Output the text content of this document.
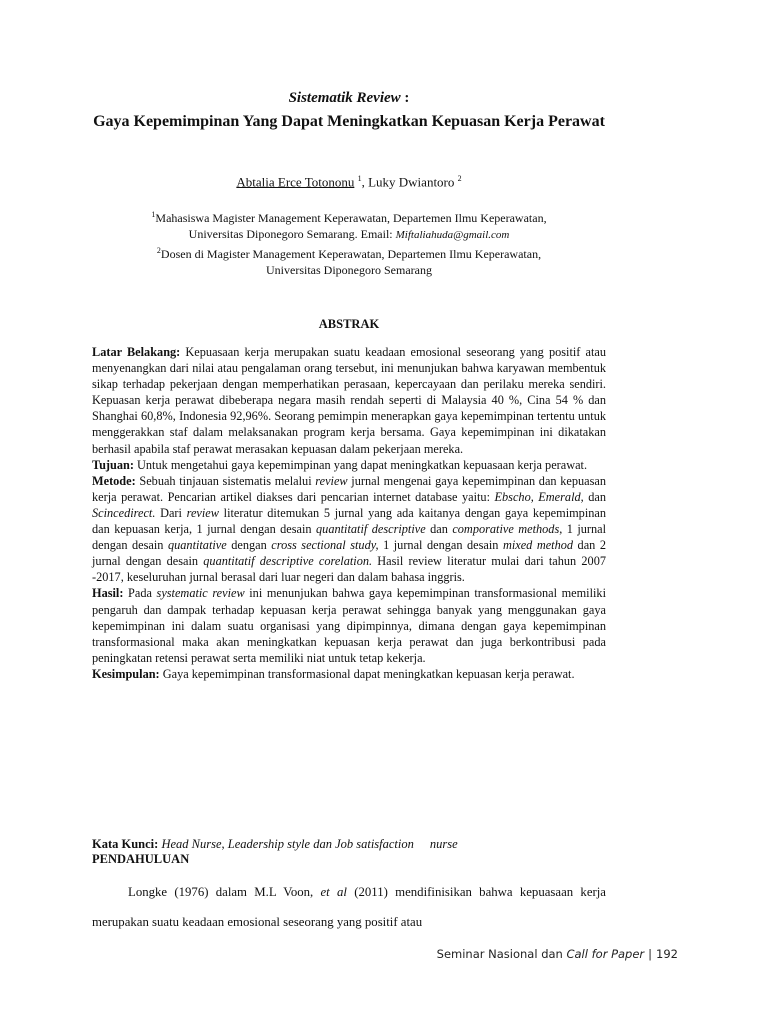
Sistematik Review :
Gaya Kepemimpinan Yang Dapat Meningkatkan Kepuasan Kerja Perawat
Abtalia Erce Totononu $^1$, Luky Dwiantoro $^2$
$^1$Mahasiswa Magister Management Keperawatan, Departemen Ilmu Keperawatan,
Universitas Diponegoro Semarang. Email: Miftaliahuda@gmail.com
$^2$Dosen di Magister Management Keperawatan, Departemen Ilmu Keperawatan,
Universitas Diponegoro Semarang
ABSTRAK

Latar Belakang: Kepuasaan kerja merupakan suatu keadaan emosional seseorang yang positif atau menyenangkan dari nilai atau pengalaman orang tersebut, ini menunjukan bahwa karyawan membentuk sikap terhadap pekerjaan dengan memperhatikan perasaan, kepercayaan dan perilaku mereka sendiri. Kepuasan kerja perawat dibeberapa negara masih rendah seperti di Malaysia 40 %, Cina 54 % dan Shanghai 60,8%, Indonesia 92,96%. Seorang pemimpin menerapkan gaya kepemimpinan tertentu untuk menggerakkan staf dalam melaksanakan program kerja bersama. Gaya kepemimpinan ini dikatakan berhasil apabila staf perawat merasakan kepuasan dalam pekerjaan mereka.

Tujuan: Untuk mengetahui gaya kepemimpinan yang dapat meningkatkan kepuasaan kerja perawat.

Metode: Sebuah tinjauan sistematis melalui review jurnal mengenai gaya kepemimpinan dan kepuasan kerja perawat. Pencarian artikel diakses dari pencarian internet database yaitu: Ebscho, Emerald, dan Scincedirect. Dari review literatur ditemukan 5 jurnal yang ada kaitanya dengan gaya kepemimpinan dan kepuasan kerja, 1 jurnal dengan desain quantitatif descriptive dan comporative methods, 1 jurnal dengan desain quantitative dengan cross sectional study, 1 jurnal dengan desain mixed method dan 2 jurnal dengan desain quantitatif descriptive corelation. Hasil review literatur mulai dari tahun 2007 -2017, keseluruhan jurnal berasal dari luar negeri dan dalam bahasa inggris.

Hasil: Pada systematic review ini menunjukan bahwa gaya kepemimpinan transformasional memiliki pengaruh dan dampak terhadap kepuasan kerja perawat sehingga banyak yang menggunakan gaya kepemimpinan ini dalam suatu organisasi yang dipimpinnya, dimana dengan gaya kepemimpinan transformasional maka akan meningkatkan kepuasan kerja perawat dan juga berkontribusi pada peningkatan retensi perawat serta memiliki niat untuk tetap kekerja.

Kesimpulan: Gaya kepemimpinan transformasional dapat meningkatkan kepuasan kerja perawat.

Kata Kunci: Head Nurse, Leadership style dan Job satisfaction nurse
PENDAHULUAN
Longke (1976) dalam M.L Voon, et al (2011) mendifinisikan bahwa kepuasaan kerja merupakan suatu keadaan emosional seseorang yang positif atau
Seminar Nasional dan Call for Paper | 192
